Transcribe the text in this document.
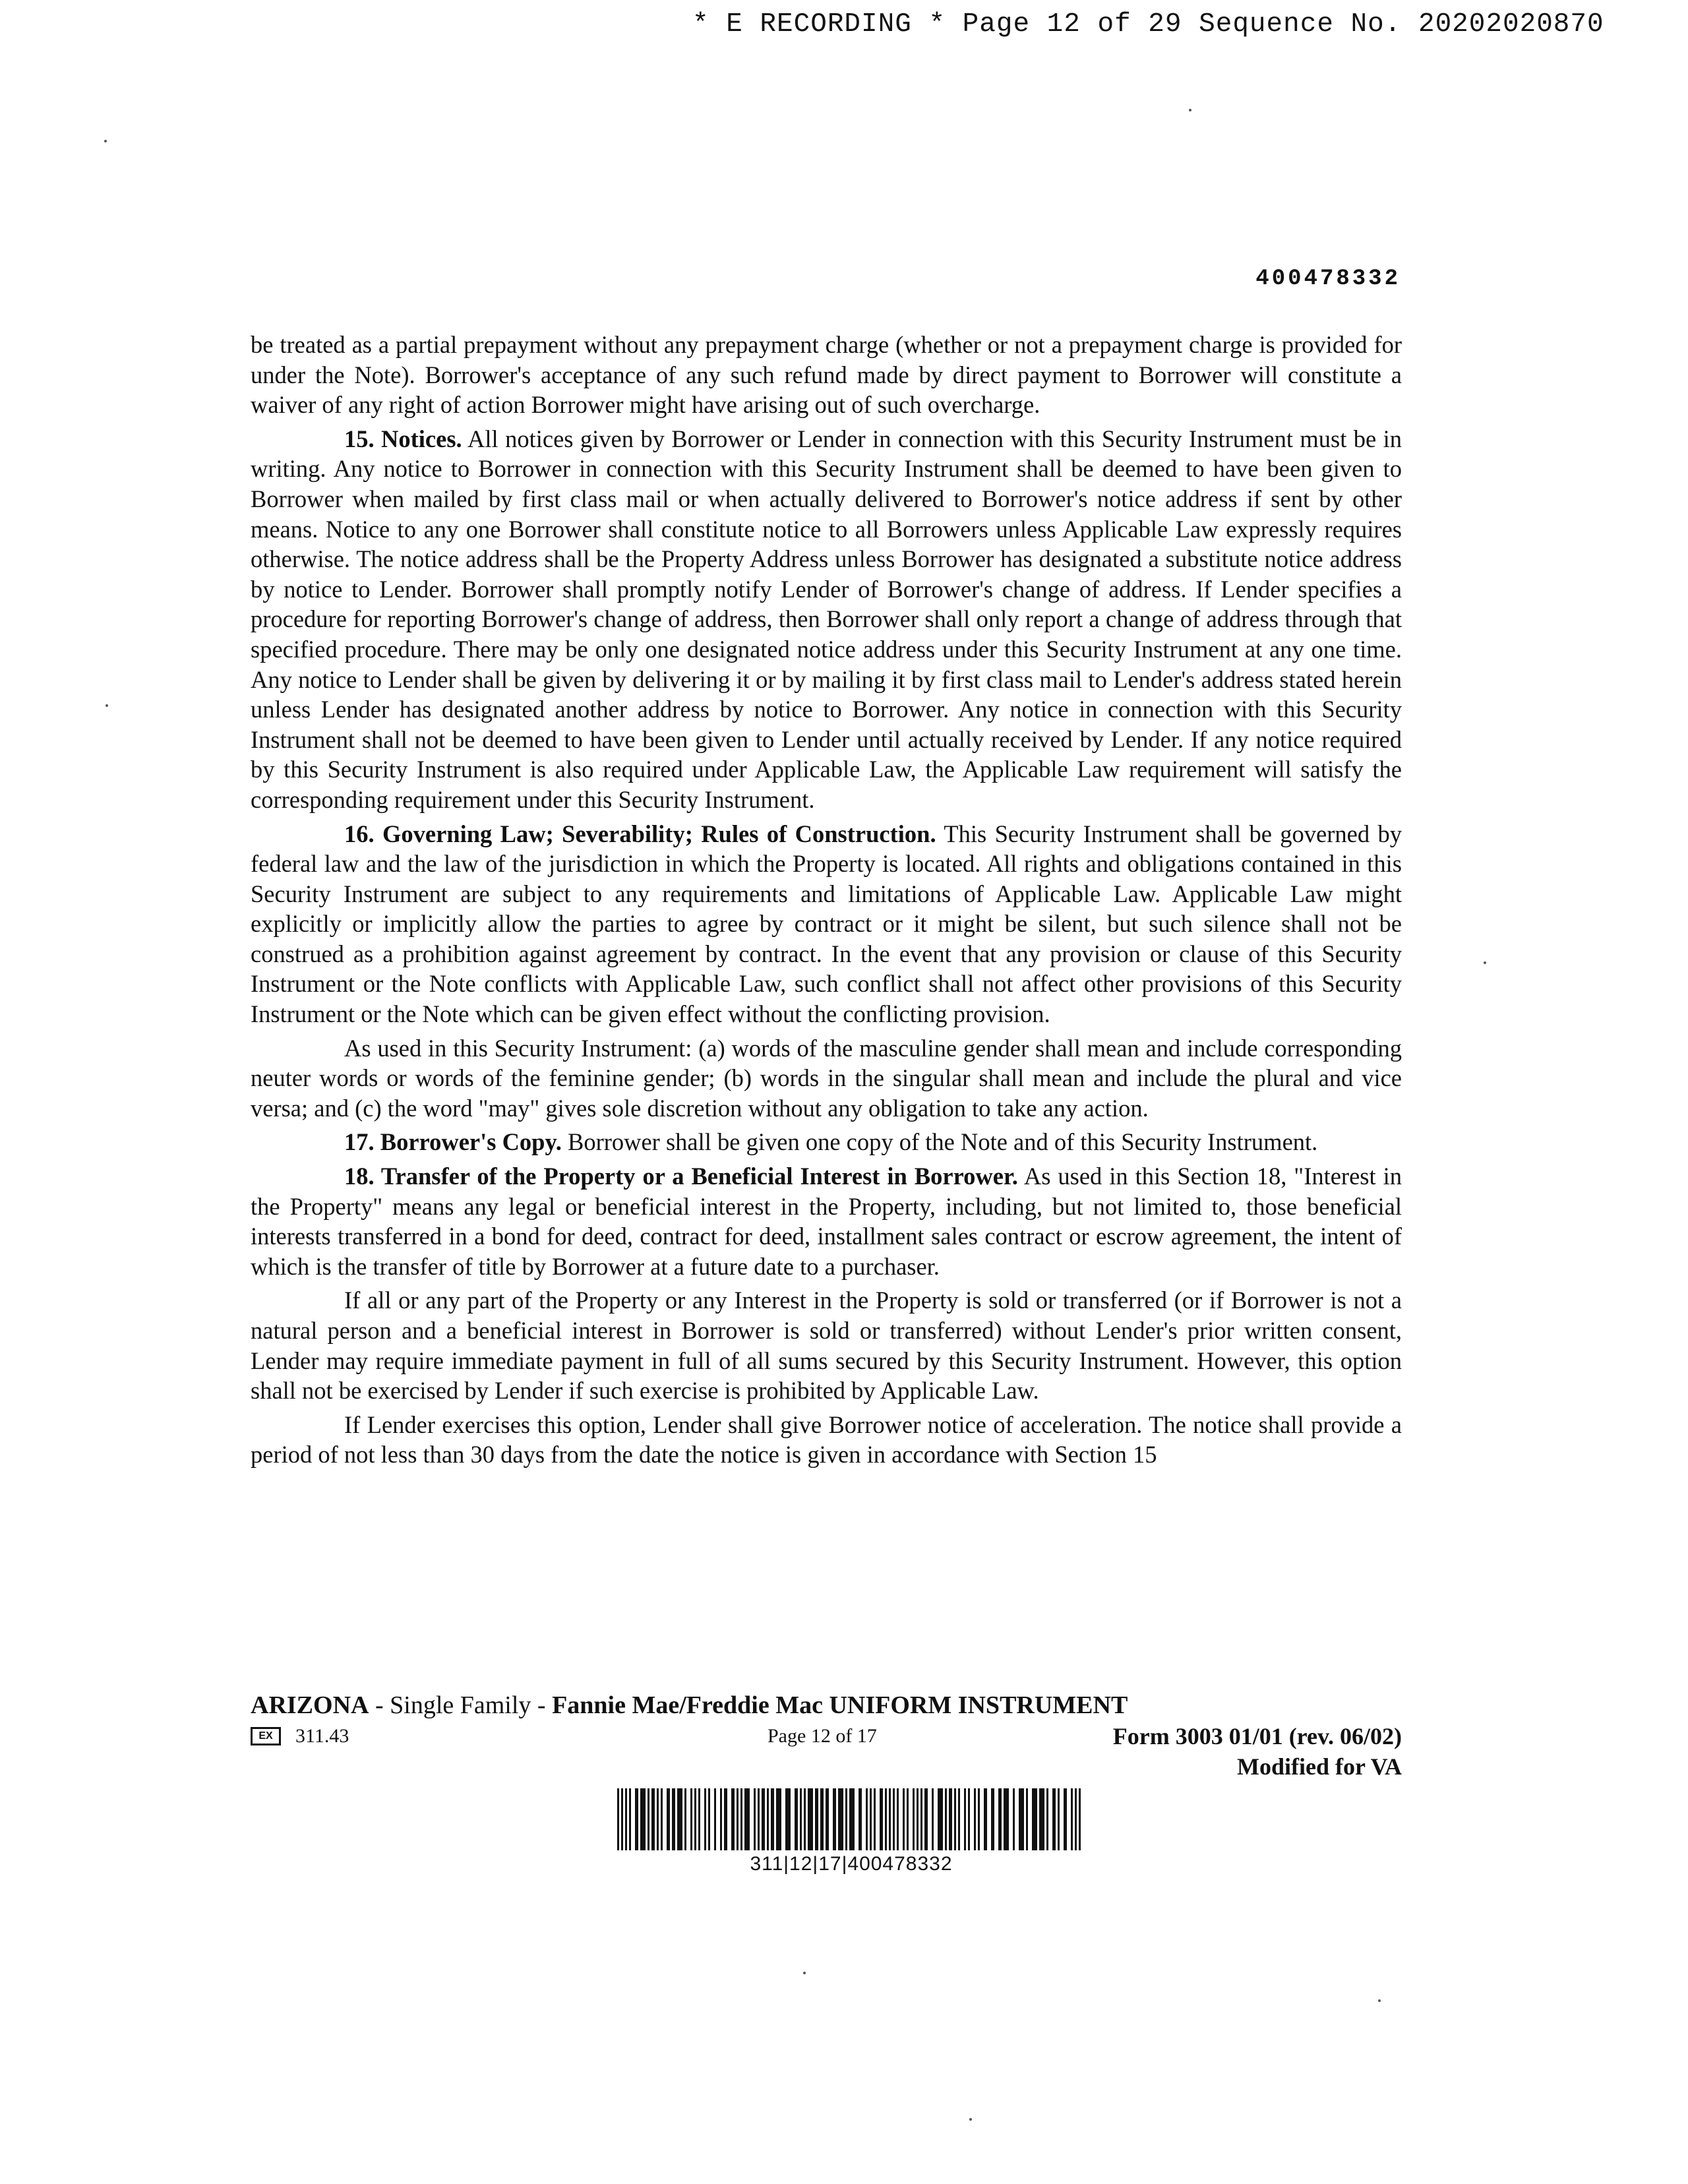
* E RECORDING * Page 12 of 29 Sequence No. 20202020870
400478332

be treated as a partial prepayment without any prepayment charge (whether or not a prepayment charge is provided for under the Note). Borrower's acceptance of any such refund made by direct payment to Borrower will constitute a waiver of any right of action Borrower might have arising out of such overcharge.

15. Notices. All notices given by Borrower or Lender in connection with this Security Instrument must be in writing. Any notice to Borrower in connection with this Security Instrument shall be deemed to have been given to Borrower when mailed by first class mail or when actually delivered to Borrower's notice address if sent by other means. Notice to any one Borrower shall constitute notice to all Borrowers unless Applicable Law expressly requires otherwise. The notice address shall be the Property Address unless Borrower has designated a substitute notice address by notice to Lender. Borrower shall promptly notify Lender of Borrower's change of address. If Lender specifies a procedure for reporting Borrower's change of address, then Borrower shall only report a change of address through that specified procedure. There may be only one designated notice address under this Security Instrument at any one time. Any notice to Lender shall be given by delivering it or by mailing it by first class mail to Lender's address stated herein unless Lender has designated another address by notice to Borrower. Any notice in connection with this Security Instrument shall not be deemed to have been given to Lender until actually received by Lender. If any notice required by this Security Instrument is also required under Applicable Law, the Applicable Law requirement will satisfy the corresponding requirement under this Security Instrument.

16. Governing Law; Severability; Rules of Construction. This Security Instrument shall be governed by federal law and the law of the jurisdiction in which the Property is located. All rights and obligations contained in this Security Instrument are subject to any requirements and limitations of Applicable Law. Applicable Law might explicitly or implicitly allow the parties to agree by contract or it might be silent, but such silence shall not be construed as a prohibition against agreement by contract. In the event that any provision or clause of this Security Instrument or the Note conflicts with Applicable Law, such conflict shall not affect other provisions of this Security Instrument or the Note which can be given effect without the conflicting provision.

As used in this Security Instrument: (a) words of the masculine gender shall mean and include corresponding neuter words or words of the feminine gender; (b) words in the singular shall mean and include the plural and vice versa; and (c) the word "may" gives sole discretion without any obligation to take any action.

17. Borrower's Copy. Borrower shall be given one copy of the Note and of this Security Instrument.

18. Transfer of the Property or a Beneficial Interest in Borrower. As used in this Section 18, "Interest in the Property" means any legal or beneficial interest in the Property, including, but not limited to, those beneficial interests transferred in a bond for deed, contract for deed, installment sales contract or escrow agreement, the intent of which is the transfer of title by Borrower at a future date to a purchaser.

If all or any part of the Property or any Interest in the Property is sold or transferred (or if Borrower is not a natural person and a beneficial interest in Borrower is sold or transferred) without Lender's prior written consent, Lender may require immediate payment in full of all sums secured by this Security Instrument. However, this option shall not be exercised by Lender if such exercise is prohibited by Applicable Law.

If Lender exercises this option, Lender shall give Borrower notice of acceleration. The notice shall provide a period of not less than 30 days from the date the notice is given in accordance with Section 15

ARIZONA - Single Family - Fannie Mae/Freddie Mac UNIFORM INSTRUMENT
EX	311.43	Page 12 of 17	Form 3003 01/01 (rev. 06/02)
Modified for VA
311|12|17|400478332
